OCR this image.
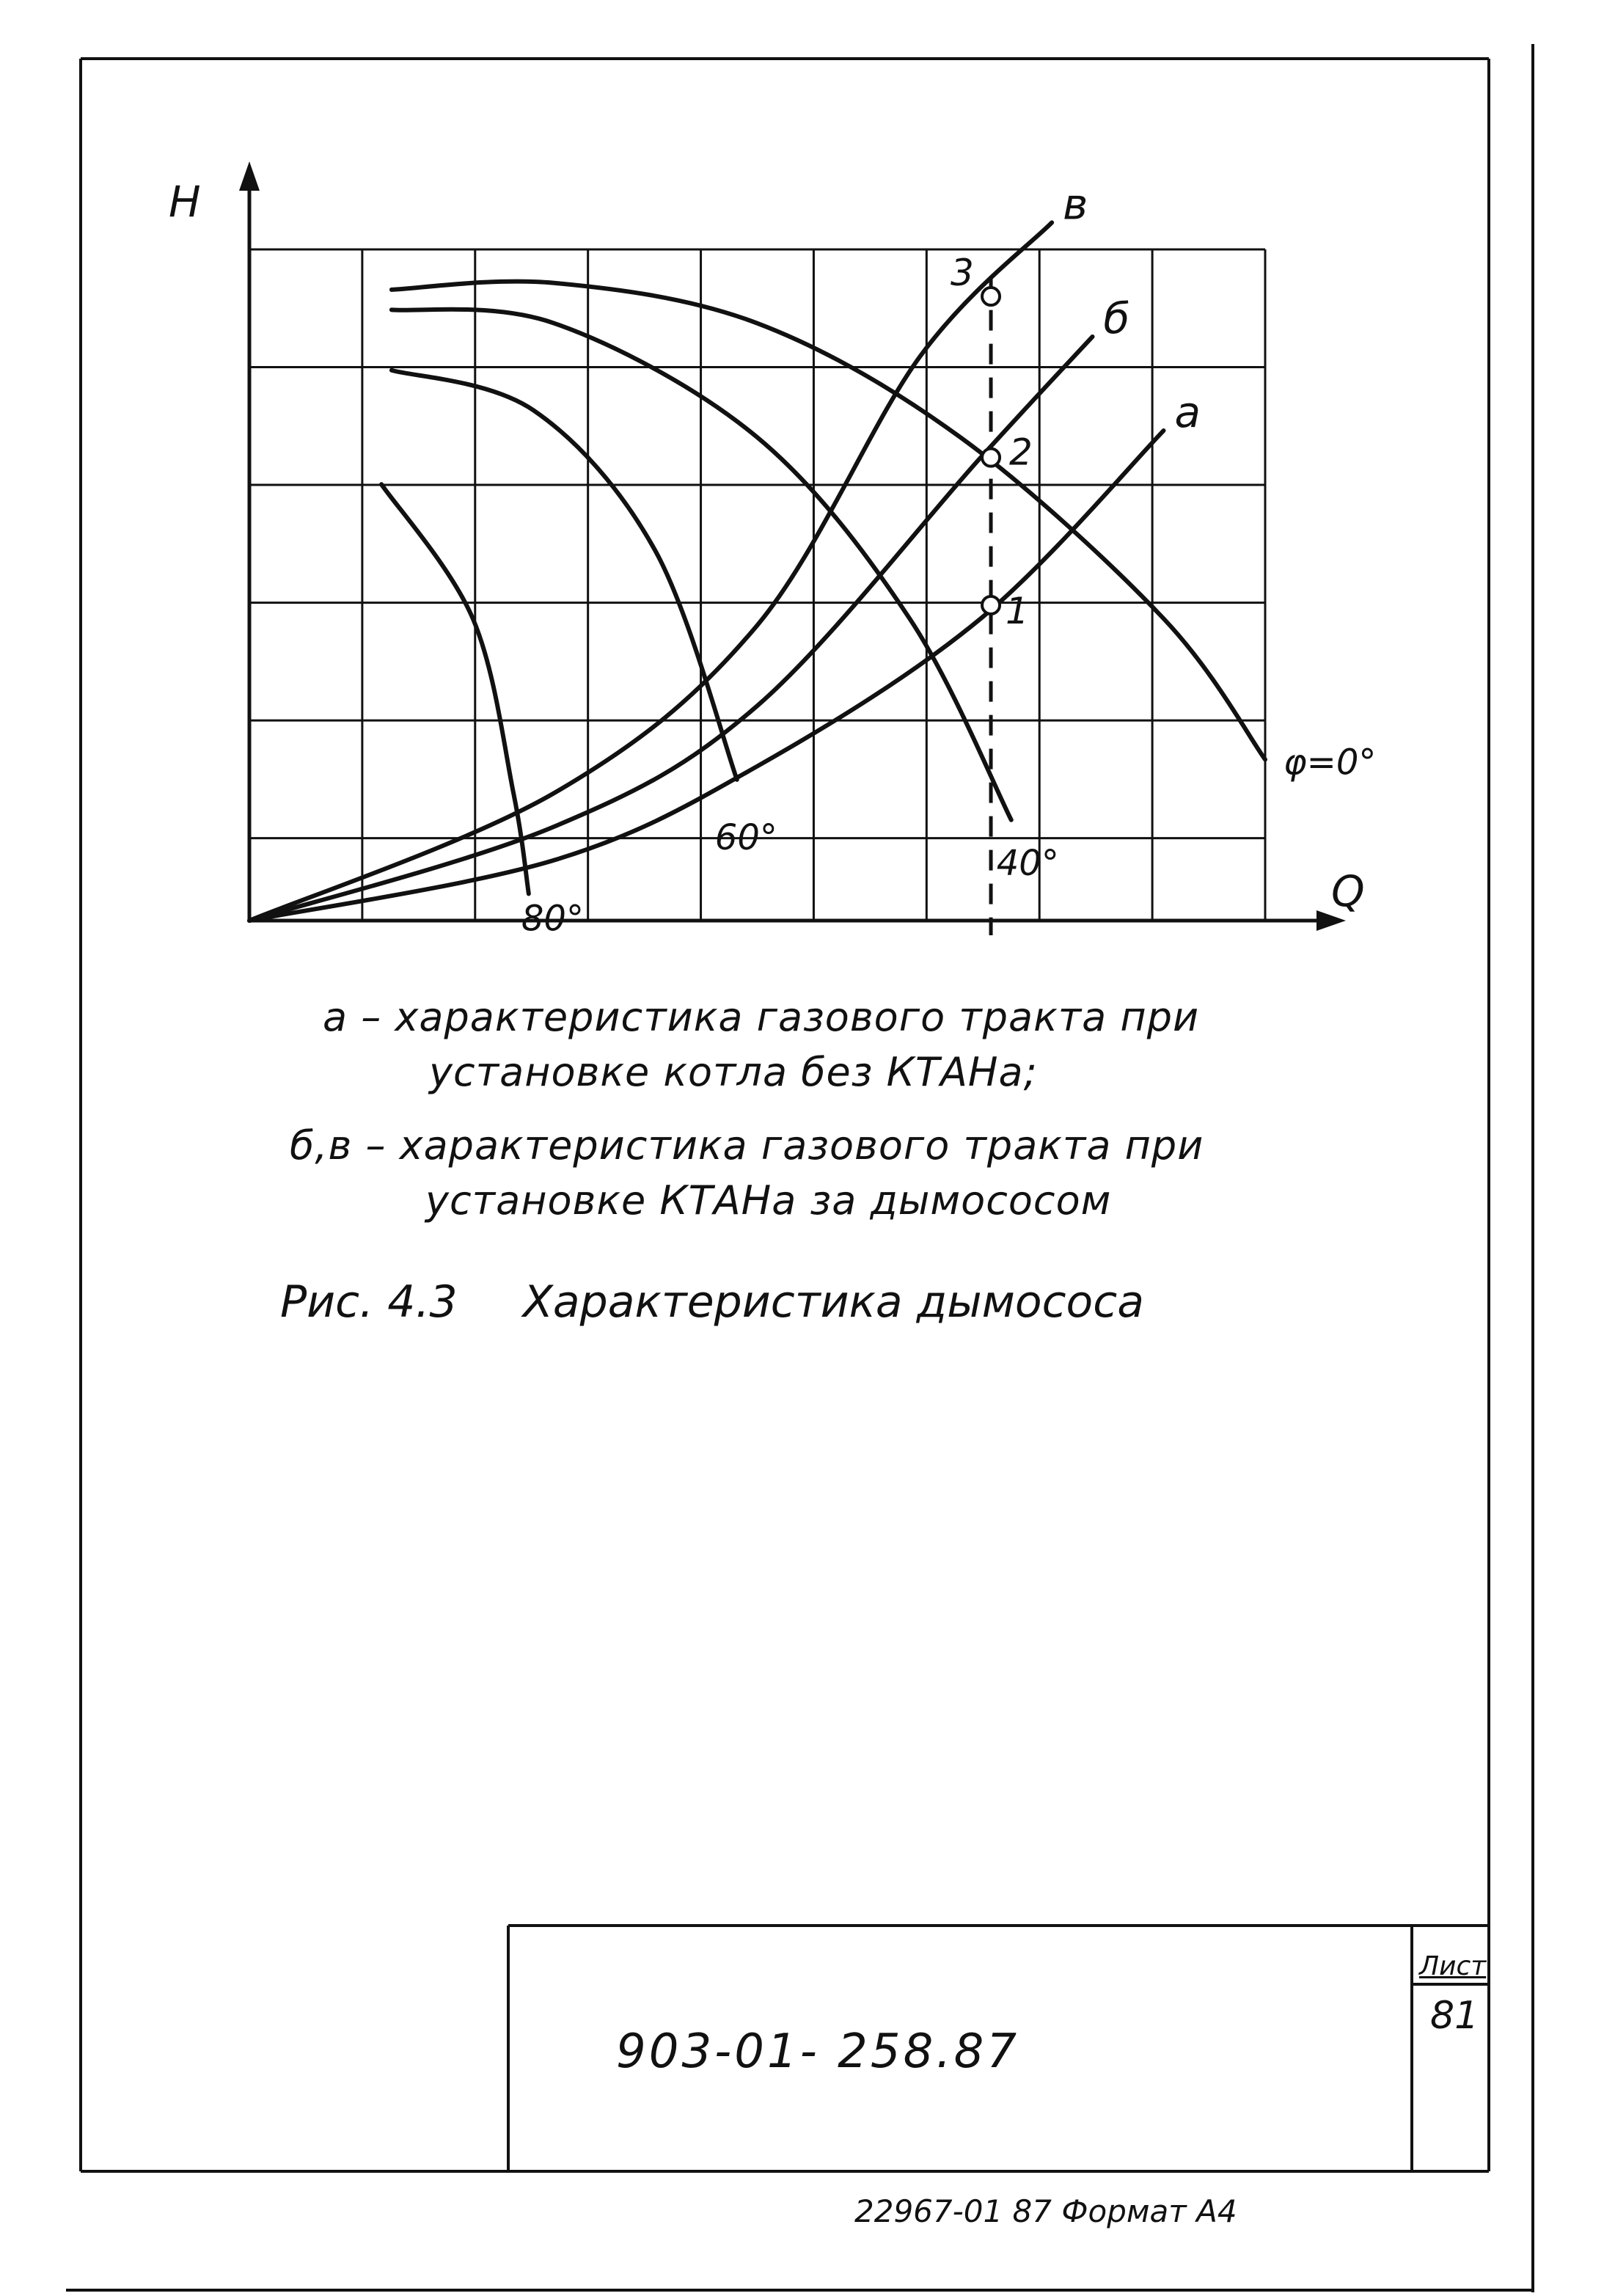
H
Q
φ=0°
40°
60°
80°
а
б
в
1
2
3
а – характеристика газового тракта при
установке котла без КТАНа;
б,в – характеристика газового тракта при
установке КТАНа за дымососом
Рис. 4.3 Характеристика дымососа
903-01- 258.87
Лист
81
22967-01 87 Формат А4
